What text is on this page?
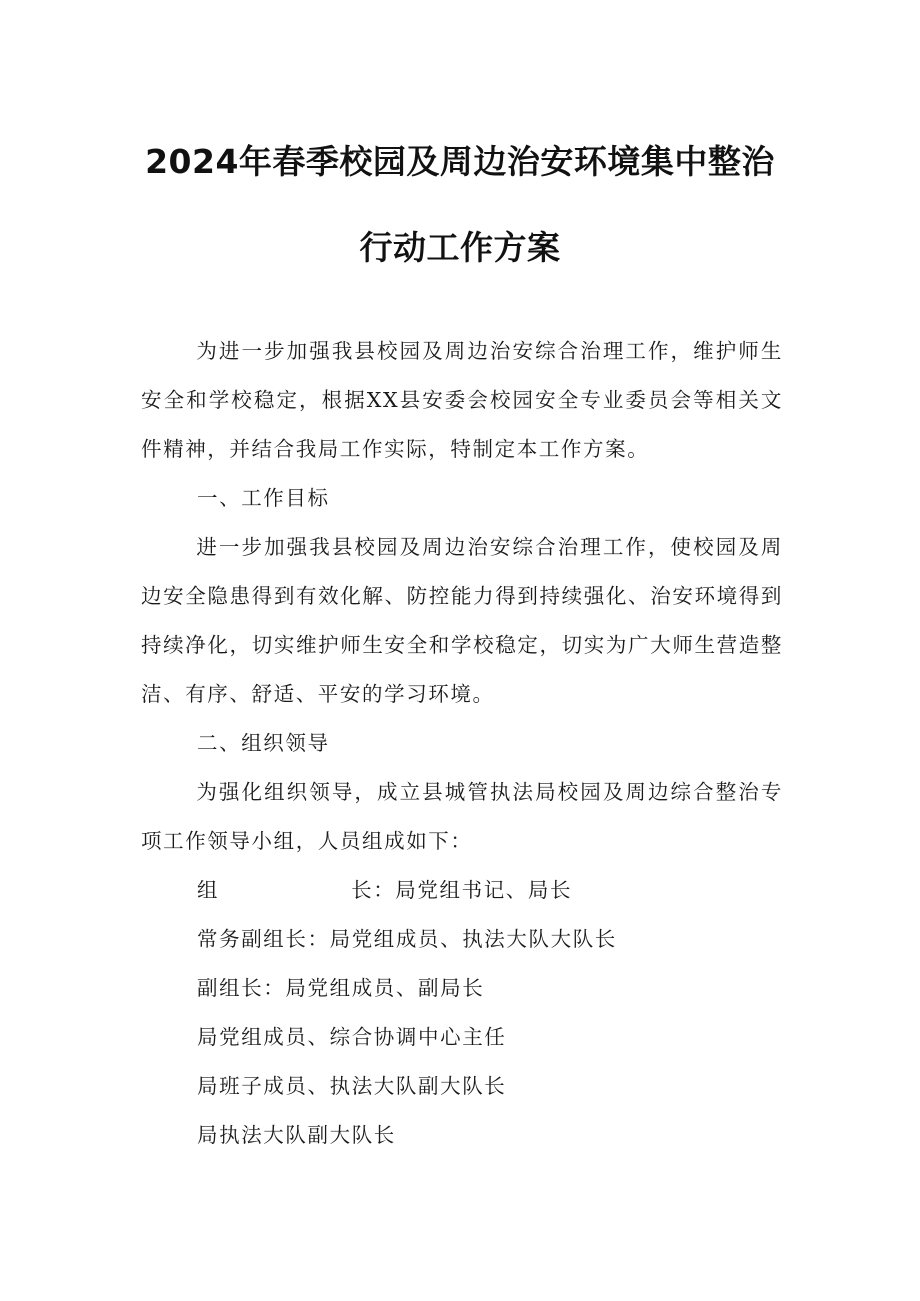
2024年春季校园及周边治安环境集中整治
行动工作方案

为进一步加强我县校园及周边治安综合治理工作，维护师生安全和学校稳定，根据XX县安委会校园安全专业委员会等相关文件精神，并结合我局工作实际，特制定本工作方案。

一、工作目标

进一步加强我县校园及周边治安综合治理工作，使校园及周边安全隐患得到有效化解、防控能力得到持续强化、治安环境得到持续净化，切实维护师生安全和学校稳定，切实为广大师生营造整洁、有序、舒适、平安的学习环境。

二、组织领导

为强化组织领导，成立县城管执法局校园及周边综合整治专项工作领导小组，人员组成如下：

组	长：局党组书记、局长

常务副组长：局党组成员、执法大队大队长

副组长：局党组成员、副局长

局党组成员、综合协调中心主任

局班子成员、执法大队副大队长

局执法大队副大队长
